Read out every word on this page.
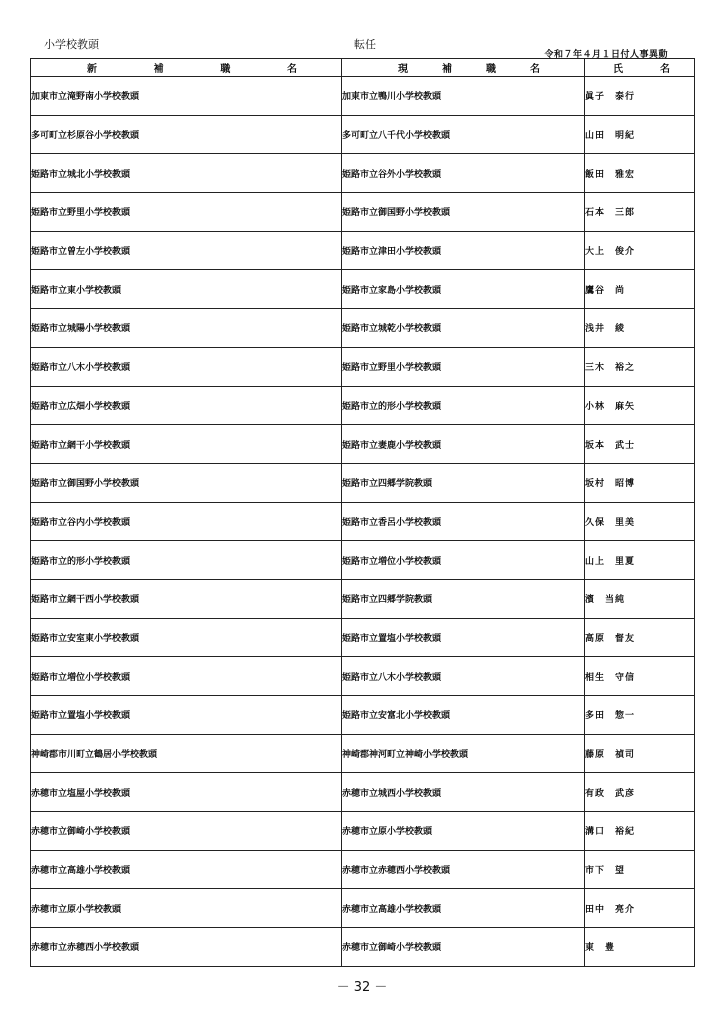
小学校教頭	転任
令和７年４月１日付人事異動
新 補 職 名	現 補 職 名	氏 名

加東市立滝野南小学校教頭	加東市立鴨川小学校教頭	眞子　泰行
多可町立杉原谷小学校教頭	多可町立八千代小学校教頭	山田　明紀
姫路市立城北小学校教頭	姫路市立谷外小学校教頭	飯田　雅宏
姫路市立野里小学校教頭	姫路市立御国野小学校教頭	石本　三郎
姫路市立曽左小学校教頭	姫路市立津田小学校教頭	大上　俊介
姫路市立東小学校教頭	姫路市立家島小学校教頭	鷹谷　尚
姫路市立城陽小学校教頭	姫路市立城乾小学校教頭	浅井　綾
姫路市立八木小学校教頭	姫路市立野里小学校教頭	三木　裕之
姫路市立広畑小学校教頭	姫路市立的形小学校教頭	小林　麻矢
姫路市立網干小学校教頭	姫路市立妻鹿小学校教頭	坂本　武士
姫路市立御国野小学校教頭	姫路市立四郷学院教頭	坂村　昭博
姫路市立谷内小学校教頭	姫路市立香呂小学校教頭	久保　里美
姫路市立的形小学校教頭	姫路市立増位小学校教頭	山上　里夏
姫路市立網干西小学校教頭	姫路市立四郷学院教頭	濱　当純
姫路市立安室東小学校教頭	姫路市立置塩小学校教頭	高原　督友
姫路市立増位小学校教頭	姫路市立八木小学校教頭	相生　守信
姫路市立置塩小学校教頭	姫路市立安富北小学校教頭	多田　惣一
神崎郡市川町立鶴居小学校教頭	神崎郡神河町立神崎小学校教頭	藤原　禎司
赤穂市立塩屋小学校教頭	赤穂市立城西小学校教頭	有政　武彦
赤穂市立御崎小学校教頭	赤穂市立原小学校教頭	溝口　裕紀
赤穂市立高雄小学校教頭	赤穂市立赤穂西小学校教頭	市下　望
赤穂市立原小学校教頭	赤穂市立高雄小学校教頭	田中　亮介
赤穂市立赤穂西小学校教頭	赤穂市立御崎小学校教頭	東　豊
－ 32 －
